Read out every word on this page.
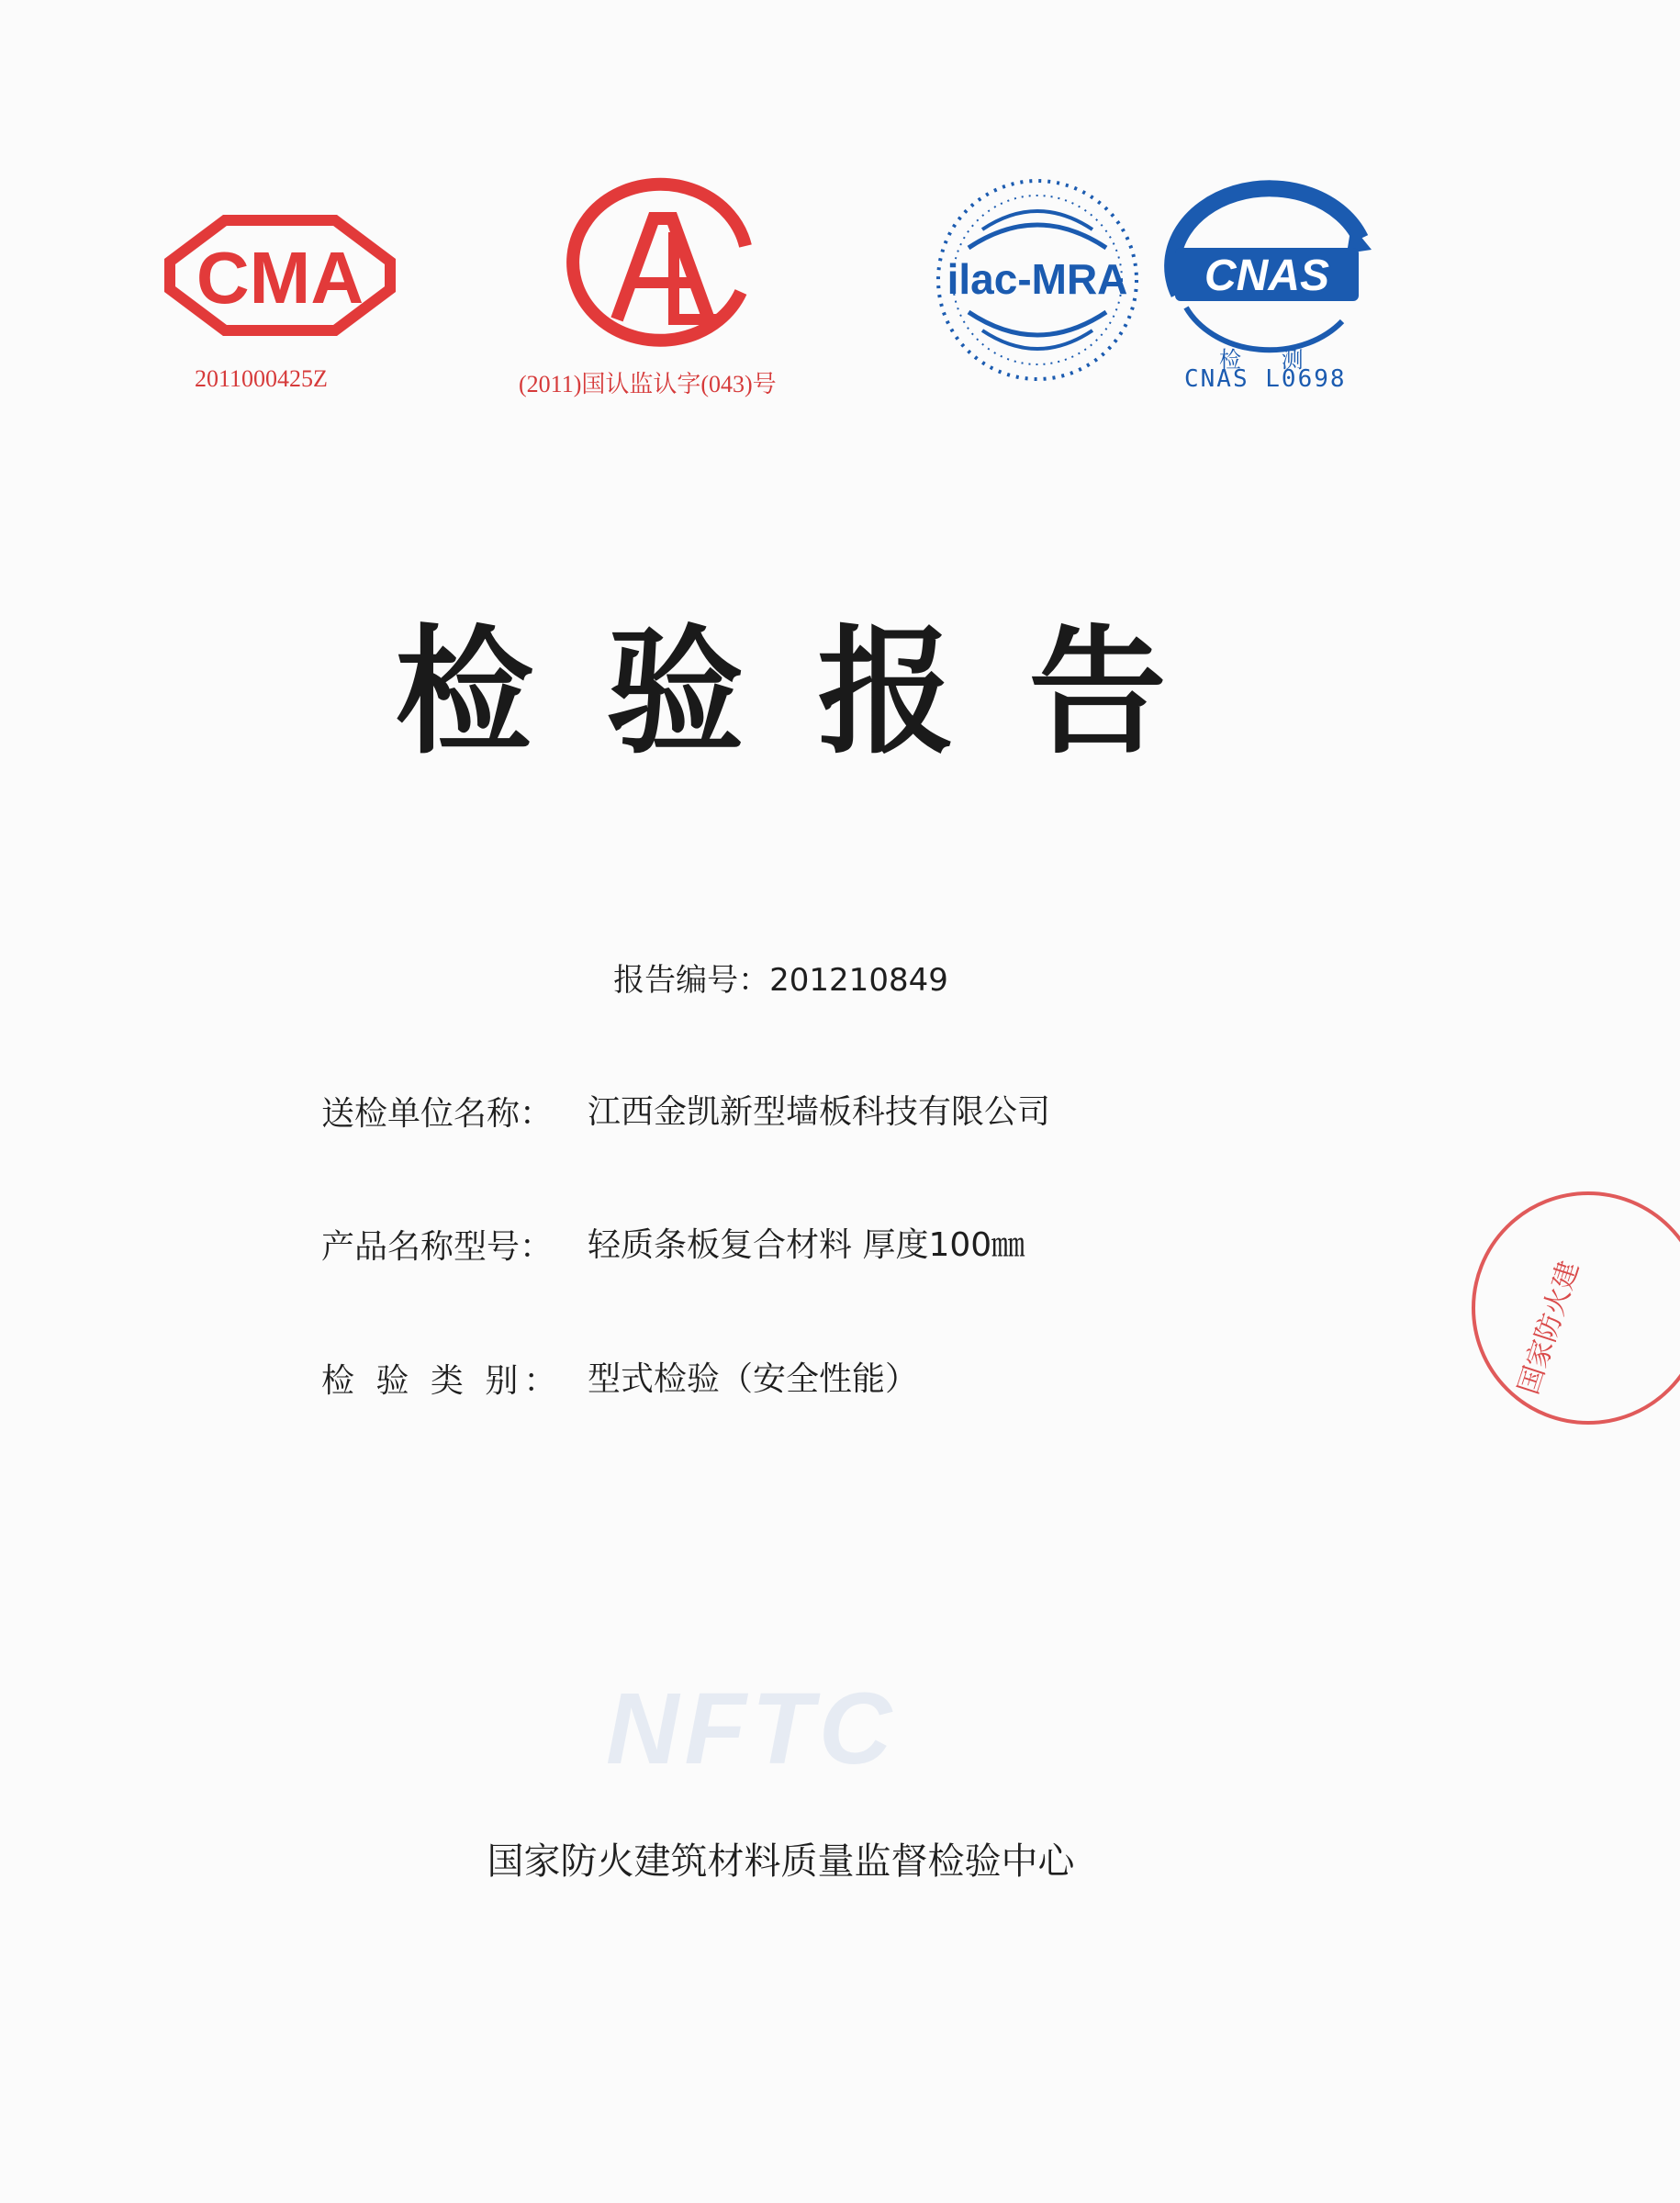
CMA
2011000425Z	(2011)国认监认字(043)号
ilac-MRA CNAS
检 测
CNAS L0698
检验报告
报告编号：201210849
送检单位名称： 江西金凯新型墙板科技有限公司
产品名称型号： 轻质条板复合材料 厚度100㎜
检 验 类 别： 型式检验（安全性能）
NFTC
国家防火建筑材料质量监督检验中心
国家防火建
